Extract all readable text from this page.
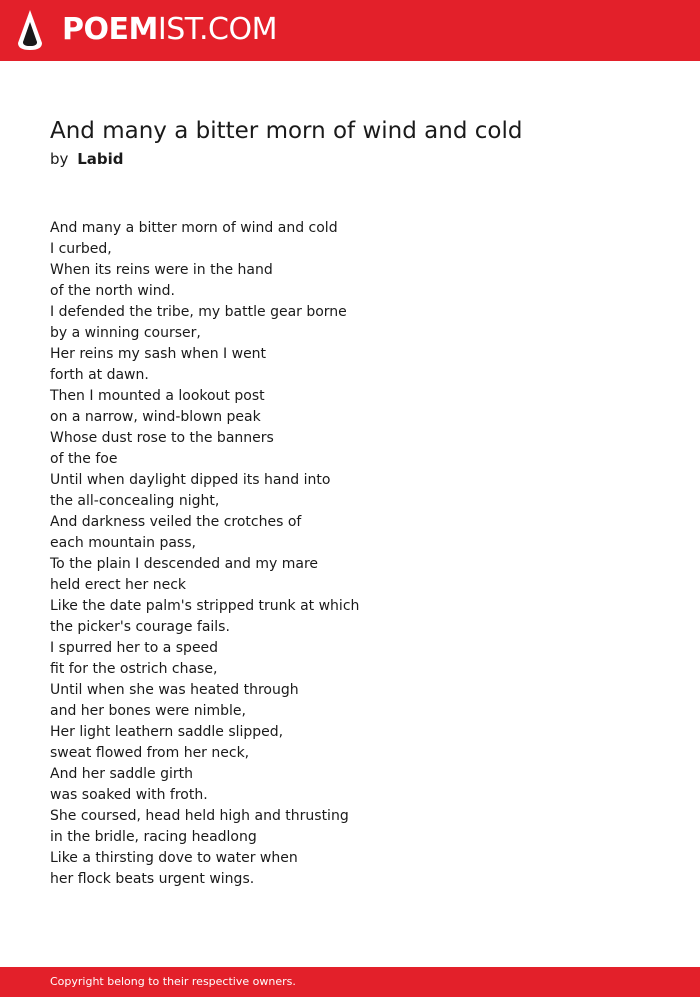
POEMIST.COM
And many a bitter morn of wind and cold
by Labid
And many a bitter morn of wind and cold
I curbed,
When its reins were in the hand
of the north wind.
I defended the tribe, my battle gear borne
by a winning courser,
Her reins my sash when I went
forth at dawn.
Then I mounted a lookout post
on a narrow, wind-blown peak
Whose dust rose to the banners
of the foe
Until when daylight dipped its hand into
the all-concealing night,
And darkness veiled the crotches of
each mountain pass,
To the plain I descended and my mare
held erect her neck
Like the date palm's stripped trunk at which
the picker's courage fails.
I spurred her to a speed
fit for the ostrich chase,
Until when she was heated through
and her bones were nimble,
Her light leathern saddle slipped,
sweat flowed from her neck,
And her saddle girth
was soaked with froth.
She coursed, head held high and thrusting
in the bridle, racing headlong
Like a thirsting dove to water when
her flock beats urgent wings.
Copyright belong to their respective owners.
